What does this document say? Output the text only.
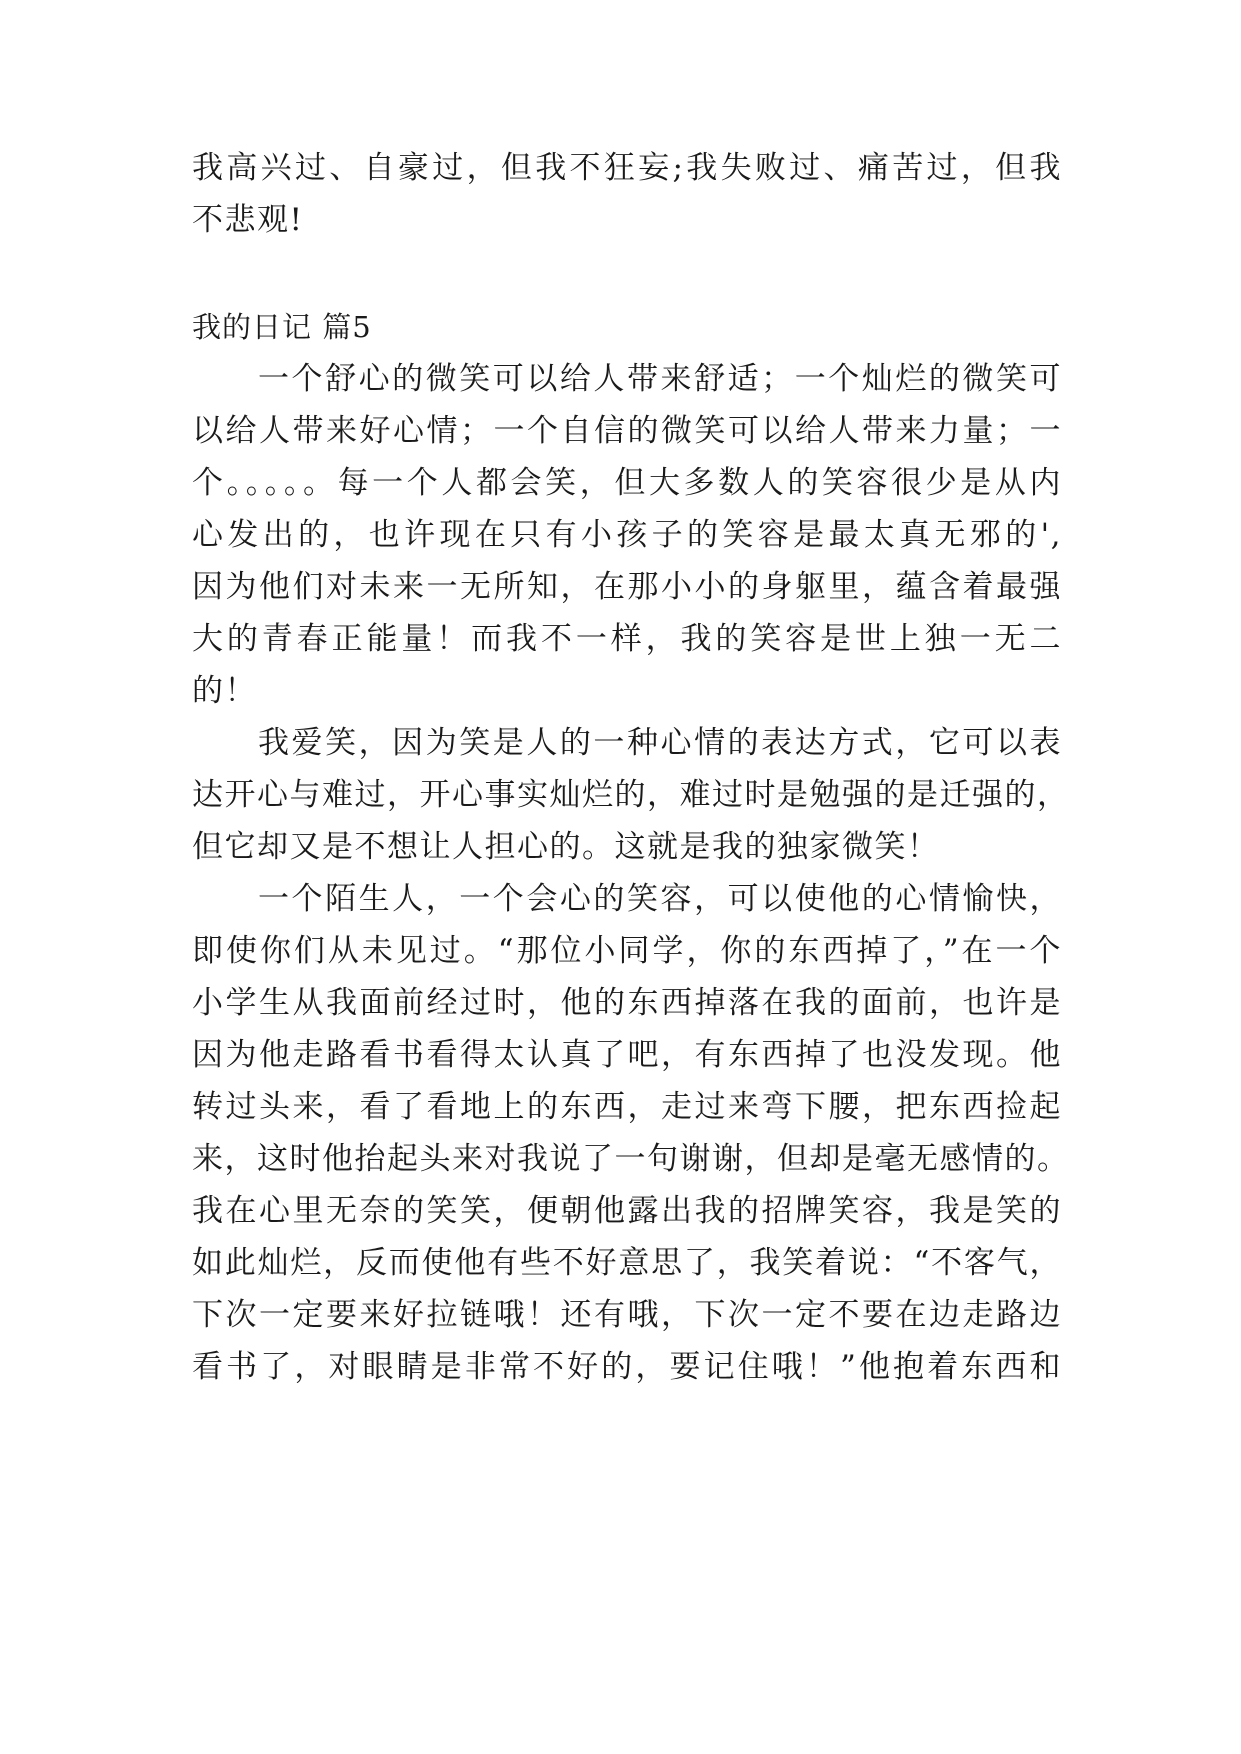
我高兴过、自豪过，但我不狂妄;我失败过、痛苦过，但我
不悲观!
我的日记 篇5
一个舒心的微笑可以给人带来舒适；一个灿烂的微笑可
以给人带来好心情；一个自信的微笑可以给人带来力量；一
个。。。。。每一个人都会笑，但大多数人的笑容很少是从内
心发出的，也许现在只有小孩子的笑容是最太真无邪的',
因为他们对未来一无所知，在那小小的身躯里，蕴含着最强
大的青春正能量！而我不一样，我的笑容是世上独一无二
的！
我爱笑，因为笑是人的一种心情的表达方式，它可以表
达开心与难过，开心事实灿烂的，难过时是勉强的是迁强的，
但它却又是不想让人担心的。这就是我的独家微笑！
一个陌生人，一个会心的笑容，可以使他的心情愉快，
即使你们从未见过。“那位小同学，你的东西掉了，”在一个
小学生从我面前经过时，他的东西掉落在我的面前，也许是
因为他走路看书看得太认真了吧，有东西掉了也没发现。他
转过头来，看了看地上的东西，走过来弯下腰，把东西捡起
来，这时他抬起头来对我说了一句谢谢，但却是毫无感情的。
我在心里无奈的笑笑，便朝他露出我的招牌笑容，我是笑的
如此灿烂，反而使他有些不好意思了，我笑着说：“不客气，
下次一定要来好拉链哦！还有哦，下次一定不要在边走路边
看书了，对眼睛是非常不好的，要记住哦！”他抱着东西和
